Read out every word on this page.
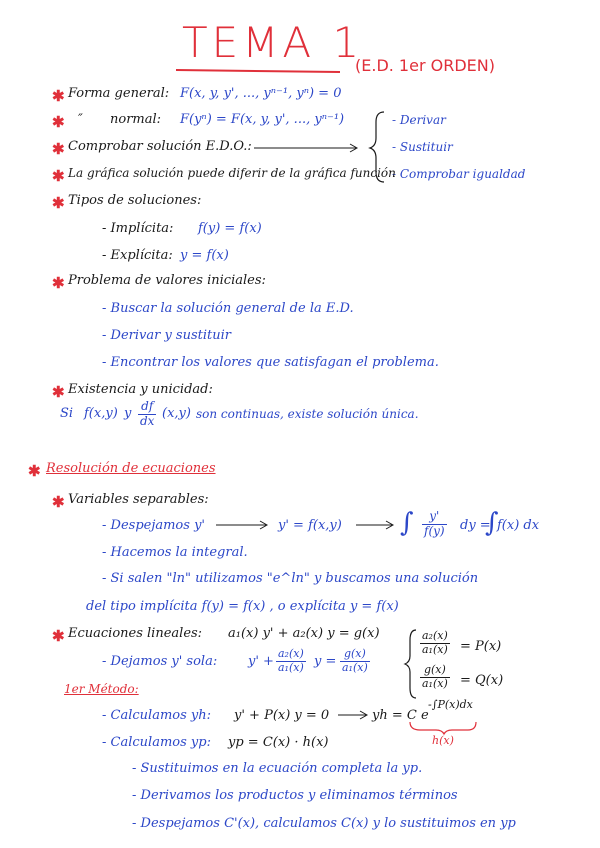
TEMA 1
(E.D. 1er ORDEN)
✱ Forma general: F(x, y, y', ..., yⁿ⁻¹, yⁿ) = 0
✱ ″ normal: F(yⁿ) = F(x, y, y', ..., yⁿ⁻¹)
✱ Comprobar solución E.D.O.:
- Derivar
- Sustituir
- Comprobar igualdad
✱ La gráfica solución puede diferir de la gráfica función
✱ Tipos de soluciones:
- Implícita: f(y) = f(x)
- Explícita: y = f(x)
✱ Problema de valores iniciales:
- Buscar la solución general de la E.D.
- Derivar y sustituir
- Encontrar los valores que satisfagan el problema.
✱ Existencia y unicidad:
Si f(x,y) y $\frac{df}{dx} (x,y)$ son continuas, existe solución única.
✱ Resolución de ecuaciones
✱ Variables separables:
- Despejamos y'	y' = f(x,y) ∫ $\frac{y'}{f(y)}$ dy =
∫
f(x) dx
- Hacemos la integral.
- Si salen "ln" utilizamos "e^ln" y buscamos una solución
del tipo implícita f(y) = f(x) , o explícita y = f(x)
✱ Ecuaciones lineales: a₁(x) y' + a₂(x) y = g(x)
- Dejamos y' sola: $y' + \frac{\text{a₂(x)}}{\text{a₁(x)}}$ $y = \frac{g(x)}{\text{a₁(x)}}$
$\frac{\text{a₂(x)}}{\text{a₁(x)}} = P(x)$
$\frac{g(x)}{\text{a₁(x)}} = Q(x)$
1er Método:
- Calculamos yh: y' + P(x) y = 0	yh = C e
-∫P(x)dx
h(x)
- Calculamos yp: yp = C(x) · h(x)
- Sustituimos en la ecuación completa la yp.
- Derivamos los productos y eliminamos términos
- Despejamos C'(x), calculamos C(x) y lo sustituimos en yp
